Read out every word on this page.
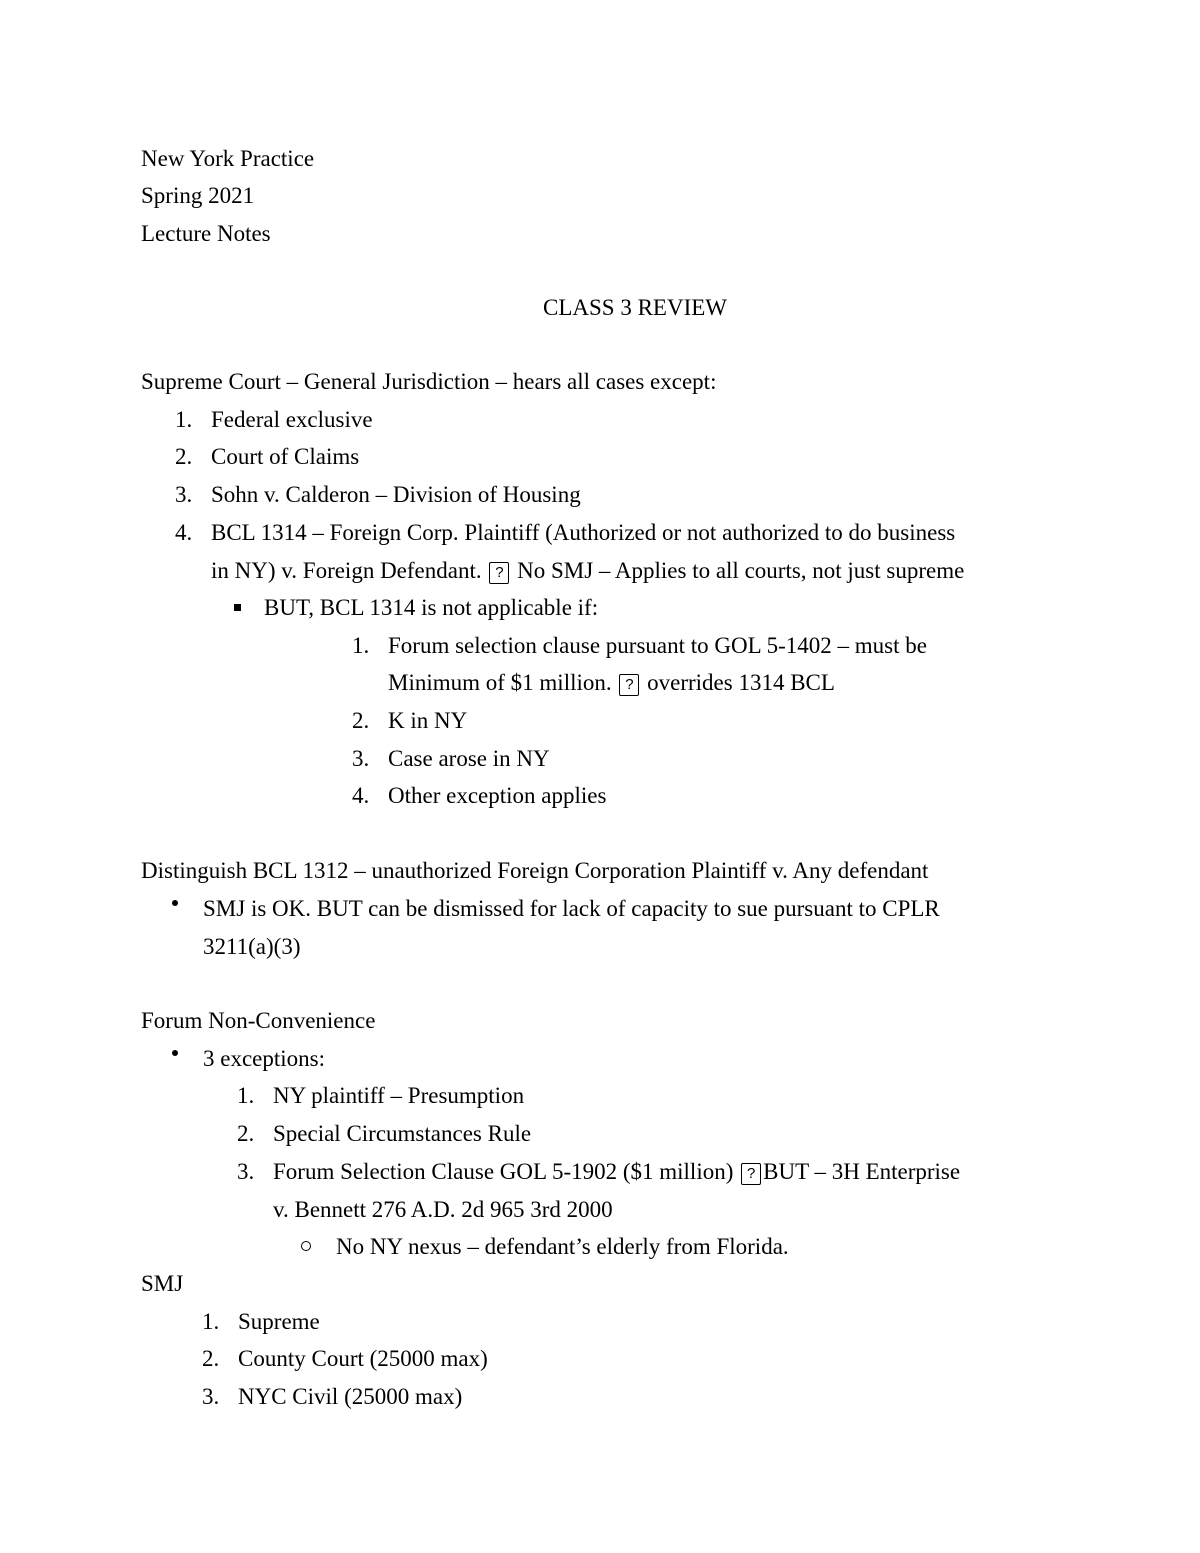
New York Practice
Spring 2021
Lecture Notes
CLASS 3 REVIEW
Supreme Court – General Jurisdiction – hears all cases except:
1. Federal exclusive
2. Court of Claims
3. Sohn v. Calderon – Division of Housing
4. BCL 1314 – Foreign Corp. Plaintiff (Authorized or not authorized to do business
in NY) v. Foreign Defendant. ? No SMJ – Applies to all courts, not just supreme
BUT, BCL 1314 is not applicable if:
1. Forum selection clause pursuant to GOL 5-1402 – must be
Minimum of $1 million. ? overrides 1314 BCL
2. K in NY
3. Case arose in NY
4. Other exception applies
Distinguish BCL 1312 – unauthorized Foreign Corporation Plaintiff v. Any defendant
SMJ is OK. BUT can be dismissed for lack of capacity to sue pursuant to CPLR
3211(a)(3)
Forum Non-Convenience
3 exceptions:
1. NY plaintiff – Presumption
2. Special Circumstances Rule
3. Forum Selection Clause GOL 5-1902 ($1 million) ? BUT – 3H Enterprise
v. Bennett 276 A.D. 2d 965 3rd 2000
No NY nexus – defendant’s elderly from Florida.
SMJ
1. Supreme
2. County Court (25000 max)
3. NYC Civil (25000 max)
